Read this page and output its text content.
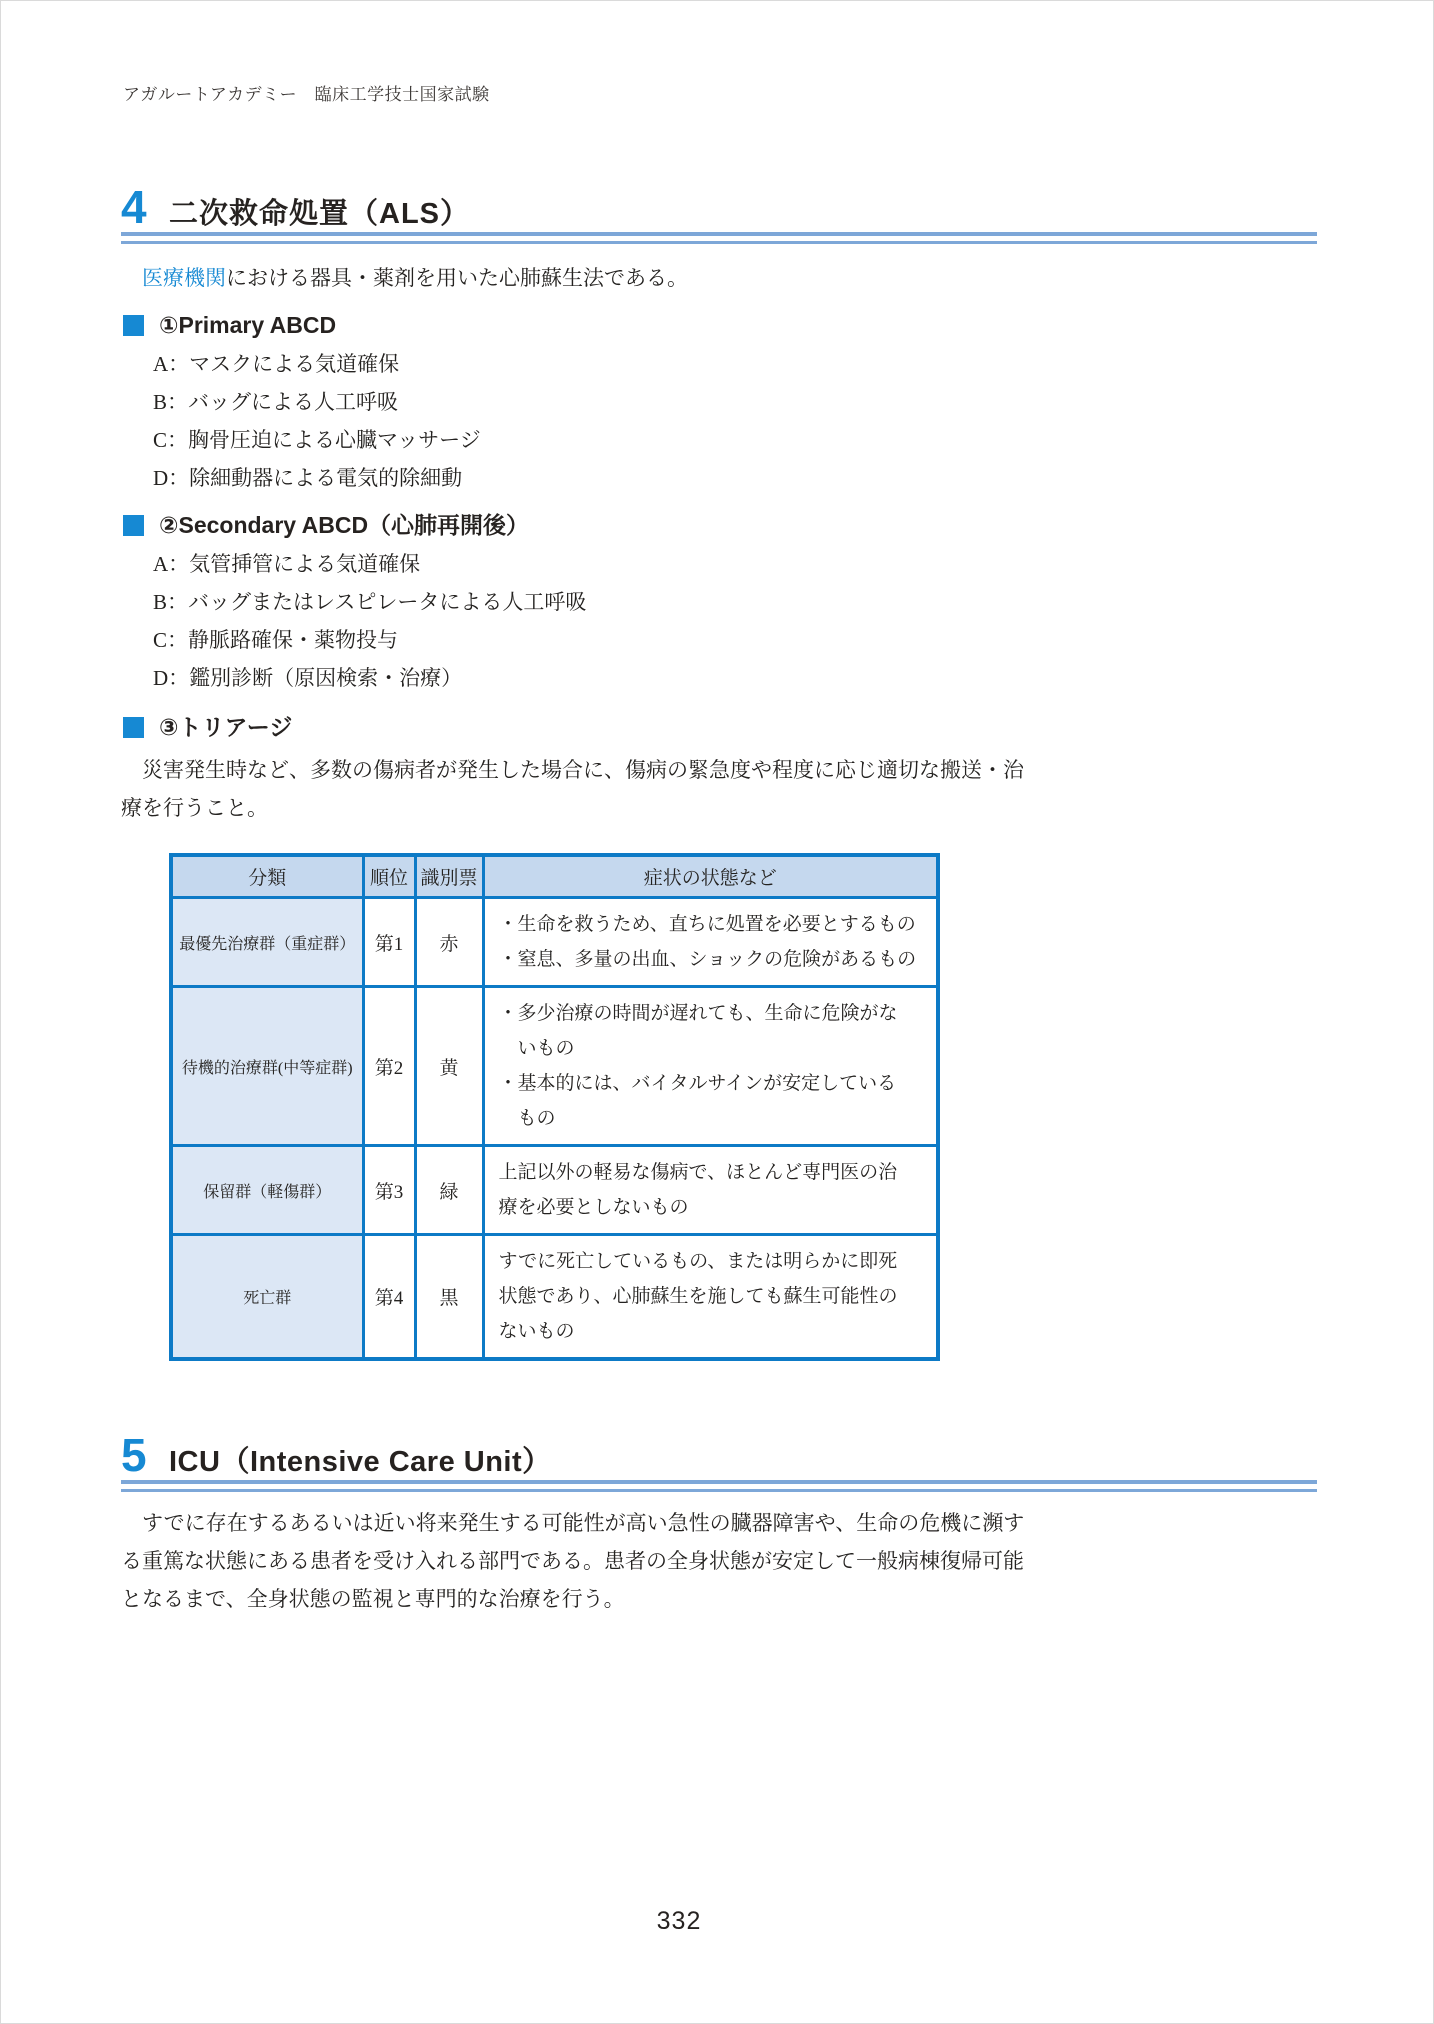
アガルートアカデミー　臨床工学技士国家試験
4 二次救命処置（ALS）

医療機関における器具・薬剤を用いた心肺蘇生法である。

①Primary ABCD
A：マスクによる気道確保
B：バッグによる人工呼吸
C：胸骨圧迫による心臓マッサージ
D：除細動器による電気的除細動
②Secondary ABCD（心肺再開後）
A：気管挿管による気道確保
B：バッグまたはレスピレータによる人工呼吸
C：静脈路確保・薬物投与
D：鑑別診断（原因検索・治療）
③トリアージ
　災害発生時など、多数の傷病者が発生した場合に、傷病の緊急度や程度に応じ適切な搬送・治
療を行うこと。
分類	順位	識別票	症状の状態など
最優先治療群（重症群）	第1	赤	・生命を救うため、直ちに処置を必要とするもの
・窒息、多量の出血、ショックの危険があるもの

待機的治療群(中等症群)	第2	黄	・多少治療の時間が遅れても、生命に危険がな
　いもの
・基本的には、バイタルサインが安定している
　もの

保留群（軽傷群）	第3	緑	上記以外の軽易な傷病で、ほとんど専門医の治
療を必要としないもの

死亡群	第4	黒	すでに死亡しているもの、または明らかに即死
状態であり、心肺蘇生を施しても蘇生可能性の
ないもの
5 ICU（Intensive Care Unit）
　すでに存在するあるいは近い将来発生する可能性が高い急性の臓器障害や、生命の危機に瀕す
る重篤な状態にある患者を受け入れる部門である。患者の全身状態が安定して一般病棟復帰可能
となるまで、全身状態の監視と専門的な治療を行う。
332
